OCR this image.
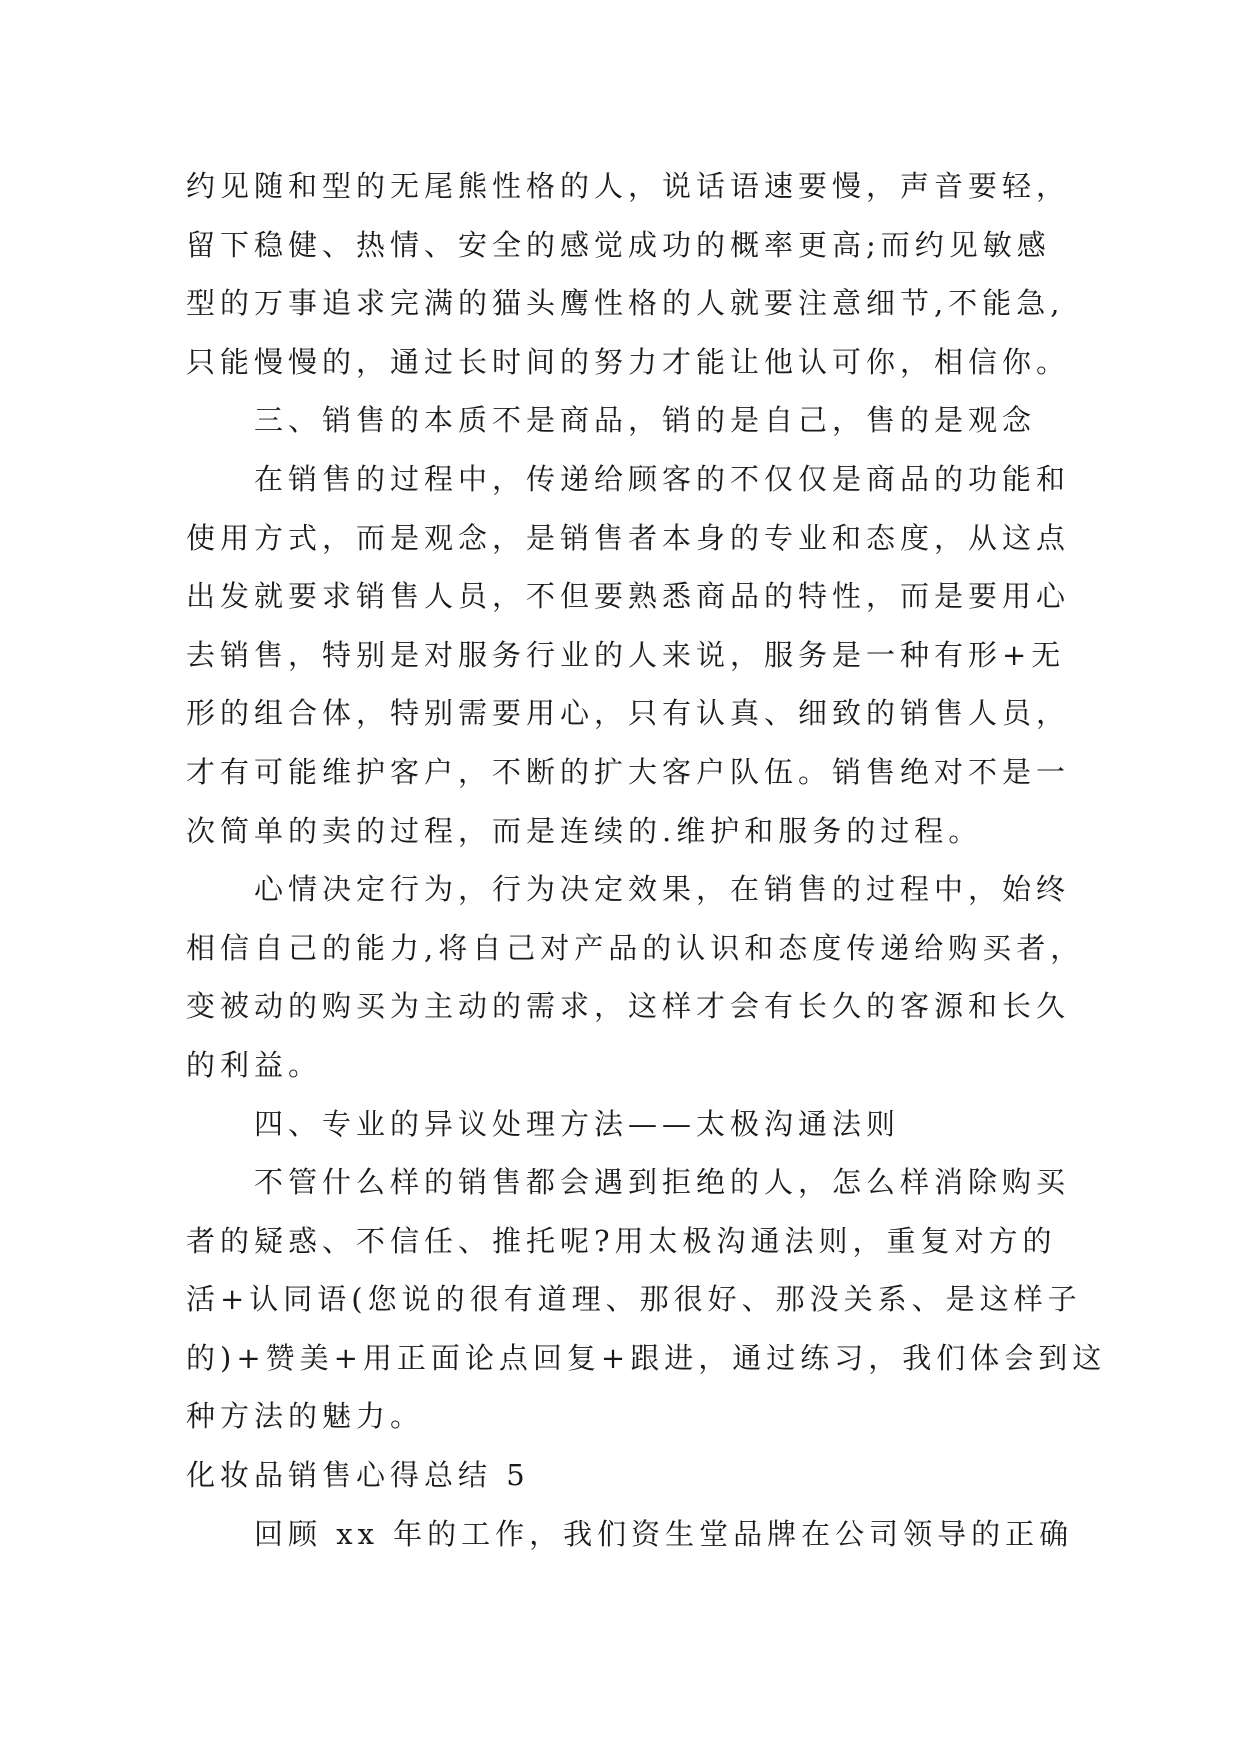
约见随和型的无尾熊性格的人，说话语速要慢，声音要轻，
留下稳健、热情、安全的感觉成功的概率更高;而约见敏感
型的万事追求完满的猫头鹰性格的人就要注意细节,不能急,
只能慢慢的，通过长时间的努力才能让他认可你，相信你。
三、销售的本质不是商品，销的是自己，售的是观念
在销售的过程中，传递给顾客的不仅仅是商品的功能和
使用方式，而是观念，是销售者本身的专业和态度，从这点
出发就要求销售人员，不但要熟悉商品的特性，而是要用心
去销售，特别是对服务行业的人来说，服务是一种有形+无
形的组合体，特别需要用心，只有认真、细致的销售人员，
才有可能维护客户，不断的扩大客户队伍。销售绝对不是一
次简单的卖的过程，而是连续的.维护和服务的过程。
心情决定行为，行为决定效果，在销售的过程中，始终
相信自己的能力,将自己对产品的认识和态度传递给购买者，
变被动的购买为主动的需求，这样才会有长久的客源和长久
的利益。
四、专业的异议处理方法——太极沟通法则
不管什么样的销售都会遇到拒绝的人，怎么样消除购买
者的疑惑、不信任、推托呢?用太极沟通法则，重复对方的
活+认同语(您说的很有道理、那很好、那没关系、是这样子
的)+赞美+用正面论点回复+跟进，通过练习，我们体会到这
种方法的魅力。
化妆品销售心得总结 5
回顾 xx 年的工作，我们资生堂品牌在公司领导的正确
